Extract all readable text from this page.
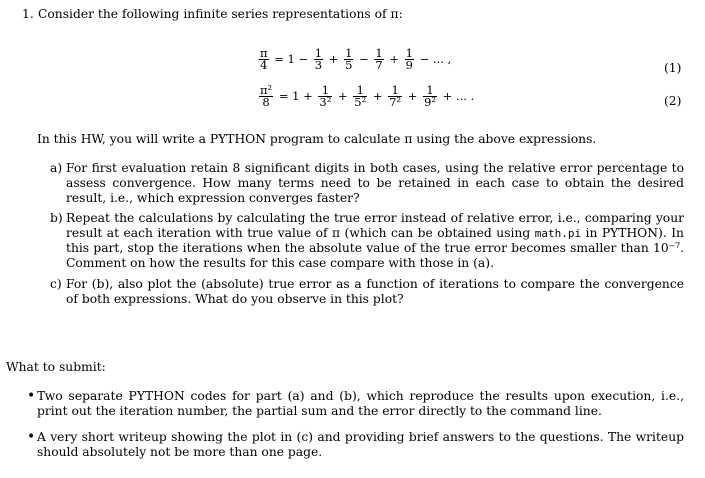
1. Consider the following infinite series representations of π:
$\frac{\pi}{4} = 1 - \frac{1}{3} + \frac{1}{5} - \frac{1}{7} + \frac{1}{9}$ − ... ,
(1)
$\frac{\text{π²}}{8} = 1 + \frac{1}{\text{3²}} + \frac{1}{\text{5²}} + \frac{1}{\text{7²}} + \frac{1}{\text{9²}}$ + ... .	(2)
In this HW, you will write a PYTHON program to calculate π using the above expressions.
a) For first evaluation retain 8 significant digits in both cases, using the relative error percentage to assess convergence. How many terms need to be retained in each case to obtain the desired result, i.e., which expression converges faster?
b) Repeat the calculations by calculating the true error instead of relative error, i.e., comparing your result at each iteration with true value of π (which can be obtained using math.pi in PYTHON). In this part, stop the iterations when the absolute value of the true error becomes smaller than 10⁻⁷. Comment on how the results for this case compare with those in (a).
c) For (b), also plot the (absolute) true error as a function of iterations to compare the convergence of both expressions. What do you observe in this plot?
What to submit:
• Two separate PYTHON codes for part (a) and (b), which reproduce the results upon execution, i.e., print out the iteration number, the partial sum and the error directly to the command line.
• A very short writeup showing the plot in (c) and providing brief answers to the questions. The writeup should absolutely not be more than one page.
